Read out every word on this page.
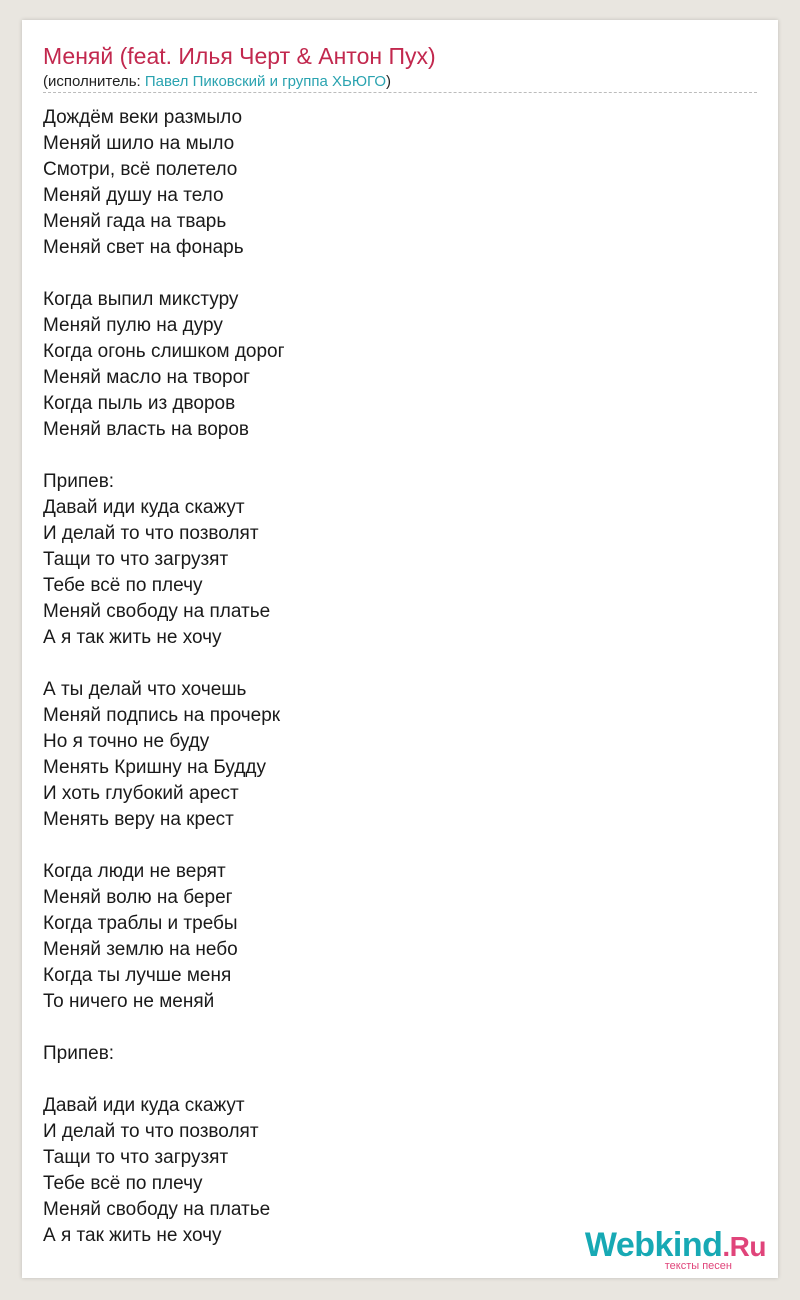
Меняй (feat. Илья Черт & Антон Пух)
(исполнитель: Павел Пиковский и группа ХЬЮГО)
Дождём веки размыло
Меняй шило на мыло
Смотри, всё полетело
Меняй душу на тело
Меняй гада на тварь
Меняй свет на фонарь
Когда выпил микстуру
Меняй пулю на дуру
Когда огонь слишком дорог
Меняй масло на творог
Когда пыль из дворов
Меняй власть на воров
Припев:
Давай иди куда скажут
И делай то что позволят
Тащи то что загрузят
Тебе всё по плечу
Меняй свободу на платье
А я так жить не хочу
А ты делай что хочешь
Меняй подпись на прочерк
Но я точно не буду
Менять Кришну на Будду
И хоть глубокий арест
Менять веру на крест
Когда люди не верят
Меняй волю на берег
Когда траблы и требы
Меняй землю на небо
Когда ты лучше меня
То ничего не меняй
Припев:
Давай иди куда скажут
И делай то что позволят
Тащи то что загрузят
Тебе всё по плечу
Меняй свободу на платье
А я так жить не хочу	Webkind.Ru
тексты песен
